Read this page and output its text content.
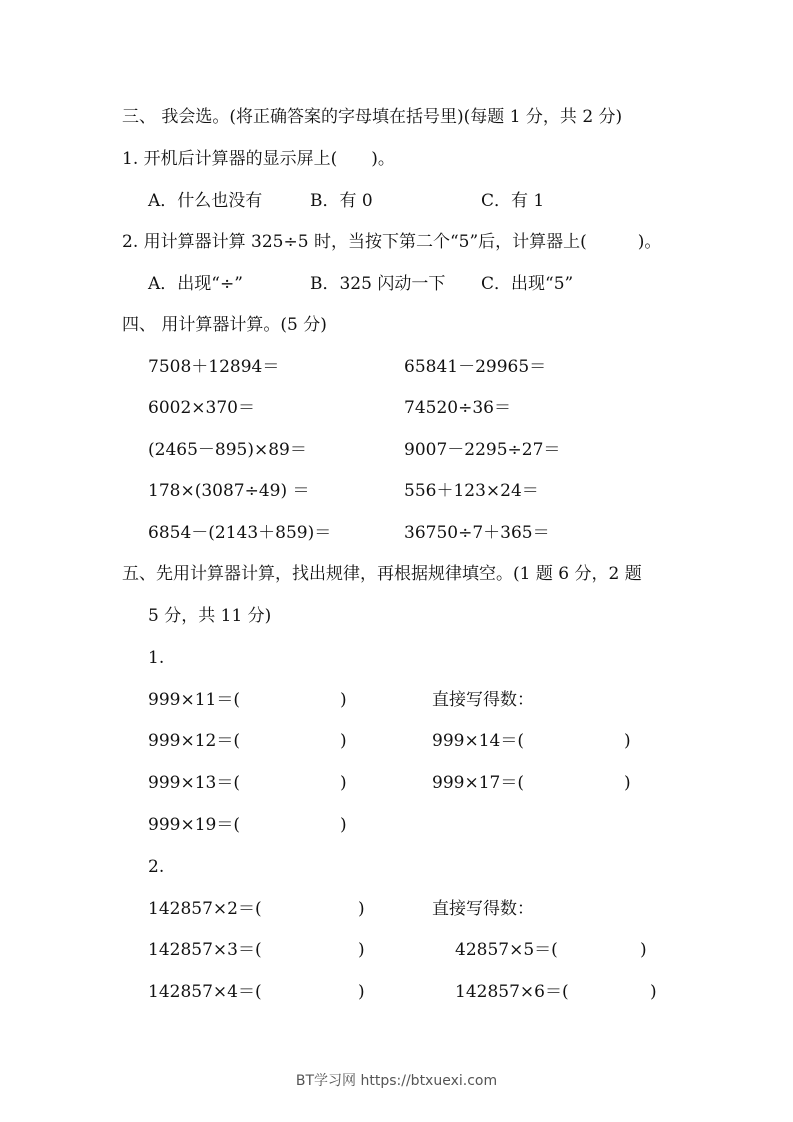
三、 我会选。(将正确答案的字母填在括号里)(每题 1 分，共 2 分)
1. 开机后计算器的显示屏上(　　)。
A．什么也没有	B．有 0	C．有 1
2. 用计算器计算 325÷5 时，当按下第二个“5”后，计算器上(　　　)。
A．出现“÷”	B．325 闪动一下 C．出现“5”
四、 用计算器计算。(5 分)
7508＋12894＝	65841－29965＝
6002×370＝	74520÷36＝
(2465－895)×89＝	9007－2295÷27＝
178×(3087÷49) ＝	556＋123×24＝
6854－(2143＋859)＝	36750÷7＋365＝
五、先用计算器计算，找出规律，再根据规律填空。(1 题 6 分，2 题
5 分，共 11 分)
1.
999×11＝(	)	直接写得数：
999×12＝(	)	999×14＝(	)
999×13＝(	)	999×17＝(	)
999×19＝(	)
2.
142857×2＝(	)	直接写得数：
142857×3＝(	)	42857×5＝(	)
142857×4＝(	)	142857×6＝(	)
BT学习网 https://btxuexi.com
